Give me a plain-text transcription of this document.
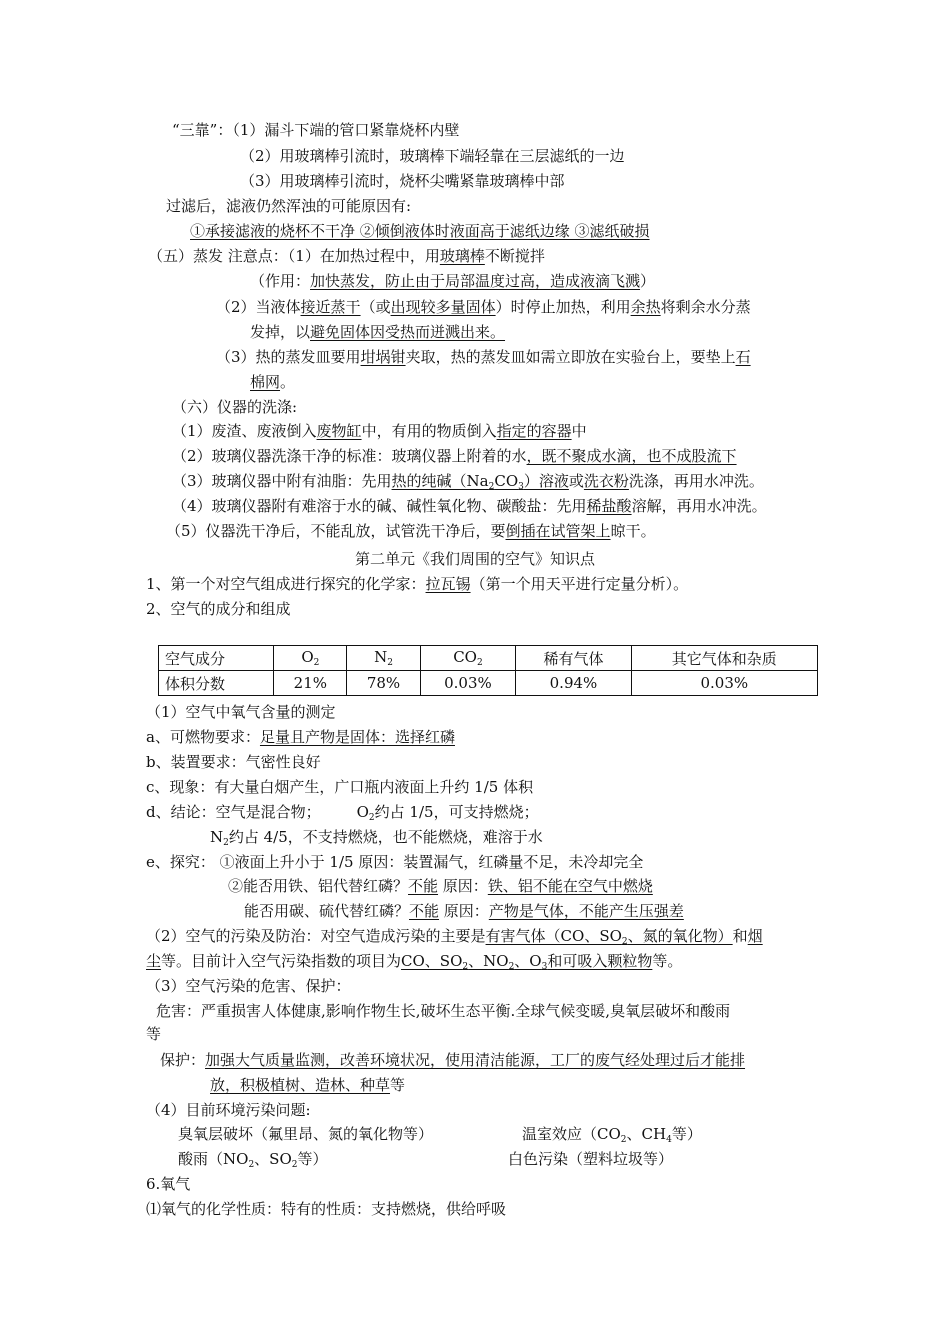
“三靠”：（1）漏斗下端的管口紧靠烧杯内壁
（2）用玻璃棒引流时，玻璃棒下端轻靠在三层滤纸的一边
（3）用玻璃棒引流时，烧杯尖嘴紧靠玻璃棒中部
过滤后，滤液仍然浑浊的可能原因有:
①承接滤液的烧杯不干净 ②倾倒液体时液面高于滤纸边缘 ③滤纸破损
（五）蒸发 注意点：（1）在加热过程中，用玻璃棒不断搅拌
（作用：加快蒸发，防止由于局部温度过高，造成液滴飞溅）
（2）当液体接近蒸干（或出现较多量固体）时停止加热，利用余热将剩余水分蒸
发掉，以避免固体因受热而迸溅出来。
（3）热的蒸发皿要用坩埚钳夹取，热的蒸发皿如需立即放在实验台上，要垫上石
棉网。
（六）仪器的洗涤:
（1）废渣、废液倒入废物缸中，有用的物质倒入指定的容器中
（2）玻璃仪器洗涤干净的标准：玻璃仪器上附着的水，既不聚成水滴，也不成股流下
（3）玻璃仪器中附有油脂：先用热的纯碱$(Na_2CO_3)$溶液或洗衣粉洗涤，再用水冲洗。
（4）玻璃仪器附有难溶于水的碱、碱性氧化物、碳酸盐：先用稀盐酸溶解，再用水冲洗。
（5）仪器洗干净后，不能乱放，试管洗干净后，要倒插在试管架上晾干。
第二单元《我们周围的空气》知识点
1、第一个对空气组成进行探究的化学家：拉瓦锡（第一个用天平进行定量分析）。
2、空气的成分和组成
空气成分	$O_2$	$N_2$	$CO_2$	稀有气体	其它气体和杂质
体积分数	21%	78%	0.03%	0.94%	0.03%
（1）空气中氧气含量的测定
a、可燃物要求：足量且产物是固体：选择红磷
b、装置要求：气密性良好
c、现象：有大量白烟产生，广口瓶内液面上升约 1/5 体积
d、结论：空气是混合物； $O_2$约占 1/5，可支持燃烧；
$N_2$约占 4/5，不支持燃烧，也不能燃烧，难溶于水
e、探究： ①液面上升小于 1/5 原因：装置漏气，红磷量不足，未冷却完全
②能否用铁、铝代替红磷？不能 原因：铁、铝不能在空气中燃烧
能否用碳、硫代替红磷？不能 原因：产物是气体，不能产生压强差
（2）空气的污染及防治：对空气造成污染的主要是有害气体（CO、$SO_2$、氮的氧化物）和烟
尘等。目前计入空气污染指数的项目为CO、$SO_2$、$NO_2$、$O_3$和可吸入颗粒物等。
（3）空气污染的危害、保护：
危害：严重损害人体健康,影响作物生长,破坏生态平衡.全球气候变暖,臭氧层破坏和酸雨
等
保护：加强大气质量监测，改善环境状况，使用清洁能源，工厂的废气经处理过后才能排
放，积极植树、造林、种草等
（4）目前环境污染问题:
臭氧层破坏（氟里昂、氮的氧化物等）	温室效应（$CO_2$、$CH_4$等）
酸雨（$NO_2$、$SO_2$等）	白色污染（塑料垃圾等）
6.氧气
⑴氧气的化学性质：特有的性质：支持燃烧，供给呼吸
